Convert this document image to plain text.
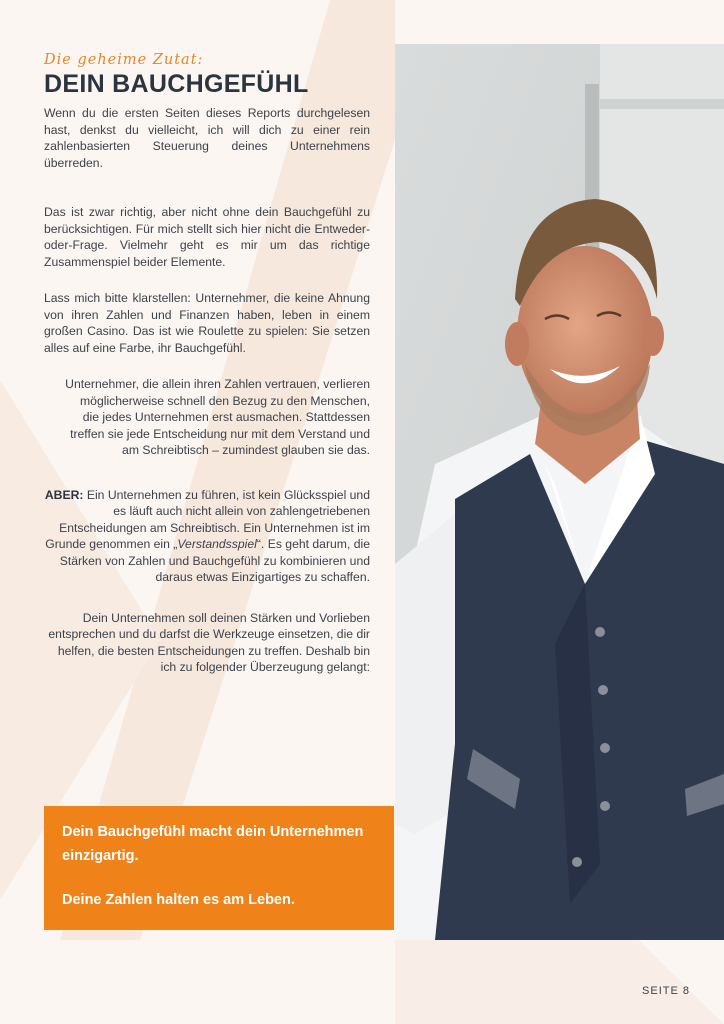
Die geheime Zutat:

DEIN BAUCHGEFÜHL

Wenn du die ersten Seiten dieses Reports durchgelesen hast, denkst du vielleicht, ich will dich zu einer rein zahlenbasierten Steuerung deines Unternehmens überreden.

Das ist zwar richtig, aber nicht ohne dein Bauchgefühl zu berücksichtigen. Für mich stellt sich hier nicht die Entweder-oder-Frage. Vielmehr geht es mir um das richtige Zusammenspiel beider Elemente.

Lass mich bitte klarstellen: Unternehmer, die keine Ahnung von ihren Zahlen und Finanzen haben, leben in einem großen Casino. Das ist wie Roulette zu spielen: Sie setzen alles auf eine Farbe, ihr Bauchgefühl.

Unternehmer, die allein ihren Zahlen vertrauen, verlieren möglicherweise schnell den Bezug zu den Menschen, die jedes Unternehmen erst ausmachen. Stattdessen treffen sie jede Entscheidung nur mit dem Verstand und am Schreibtisch – zumindest glauben sie das.

ABER: Ein Unternehmen zu führen, ist kein Glücksspiel und es läuft auch nicht allein von zahlengetriebenen Entscheidungen am Schreibtisch. Ein Unternehmen ist im Grunde genommen ein „Verstandsspiel“. Es geht darum, die Stärken von Zahlen und Bauchgefühl zu kombinieren und daraus etwas Einzigartiges zu schaffen.

Dein Unternehmen soll deinen Stärken und Vorlieben entsprechen und du darfst die Werkzeuge einsetzen, die dir helfen, die besten Entscheidungen zu treffen. Deshalb bin ich zu folgender Überzeugung gelangt:

Dein Bauchgefühl macht dein Unternehmen einzigartig.

Deine Zahlen halten es am Leben.

SEITE 8
